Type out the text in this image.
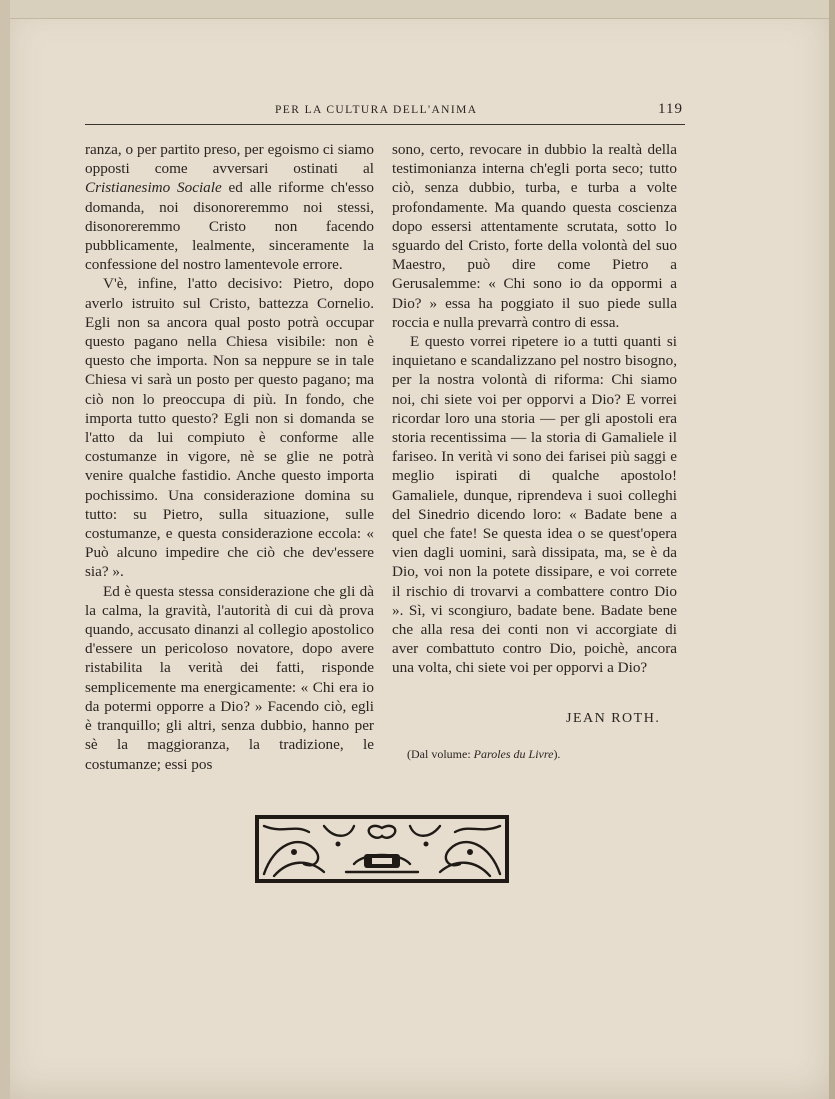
PER LA CULTURA DELL'ANIMA	119

ranza, o per partito preso, per egoismo ci siamo opposti come avversari ostinati al Cristianesimo Sociale ed alle riforme ch'esso domanda, noi disonoreremmo noi stessi, disonoreremmo Cristo non facendo pubblicamente, lealmente, sinceramente la confessione del nostro lamentevole errore.

V'è, infine, l'atto decisivo: Pietro, dopo averlo istruito sul Cristo, battezza Cornelio. Egli non sa ancora qual posto potrà occupar questo pagano nella Chiesa visibile: non è questo che importa. Non sa neppure se in tale Chiesa vi sarà un posto per questo pagano; ma ciò non lo preoccupa di più. In fondo, che importa tutto questo? Egli non si domanda se l'atto da lui compiuto è conforme alle costumanze in vigore, nè se glie ne potrà venire qualche fastidio. Anche questo importa pochissimo. Una considerazione domina su tutto: su Pietro, sulla situazione, sulle costumanze, e questa considerazione eccola: « Può alcuno impedire che ciò che dev'essere sia? ».

Ed è questa stessa considerazione che gli dà la calma, la gravità, l'autorità di cui dà prova quando, accusato dinanzi al collegio apostolico d'essere un pericoloso novatore, dopo avere ristabilita la verità dei fatti, risponde semplicemente ma energicamente: « Chi era io da potermi opporre a Dio? » Facendo ciò, egli è tranquillo; gli altri, senza dubbio, hanno per sè la maggioranza, la tradizione, le costumanze; essi pos

sono, certo, revocare in dubbio la realtà della testimonianza interna ch'egli porta seco; tutto ciò, senza dubbio, turba, e turba a volte profondamente. Ma quando questa coscienza dopo essersi attentamente scrutata, sotto lo sguardo del Cristo, forte della volontà del suo Maestro, può dire come Pietro a Gerusalemme: « Chi sono io da oppormi a Dio? » essa ha poggiato il suo piede sulla roccia e nulla prevarrà contro di essa.

E questo vorrei ripetere io a tutti quanti si inquietano e scandalizzano pel nostro bisogno, per la nostra volontà di riforma: Chi siamo noi, chi siete voi per opporvi a Dio? E vorrei ricordar loro una storia — per gli apostoli era storia recentissima — la storia di Gamaliele il fariseo. In verità vi sono dei farisei più saggi e meglio ispirati di qualche apostolo! Gamaliele, dunque, riprendeva i suoi colleghi del Sinedrio dicendo loro: « Badate bene a quel che fate! Se questa idea o se quest'opera vien dagli uomini, sarà dissipata, ma, se è da Dio, voi non la potete dissipare, e voi correte il rischio di trovarvi a combattere contro Dio ». Sì, vi scongiuro, badate bene. Badate bene che alla resa dei conti non vi accorgiate di aver combattuto contro Dio, poichè, ancora una volta, chi siete voi per opporvi a Dio?

JEAN ROTH.
(Dal volume: Paroles du Livre).
